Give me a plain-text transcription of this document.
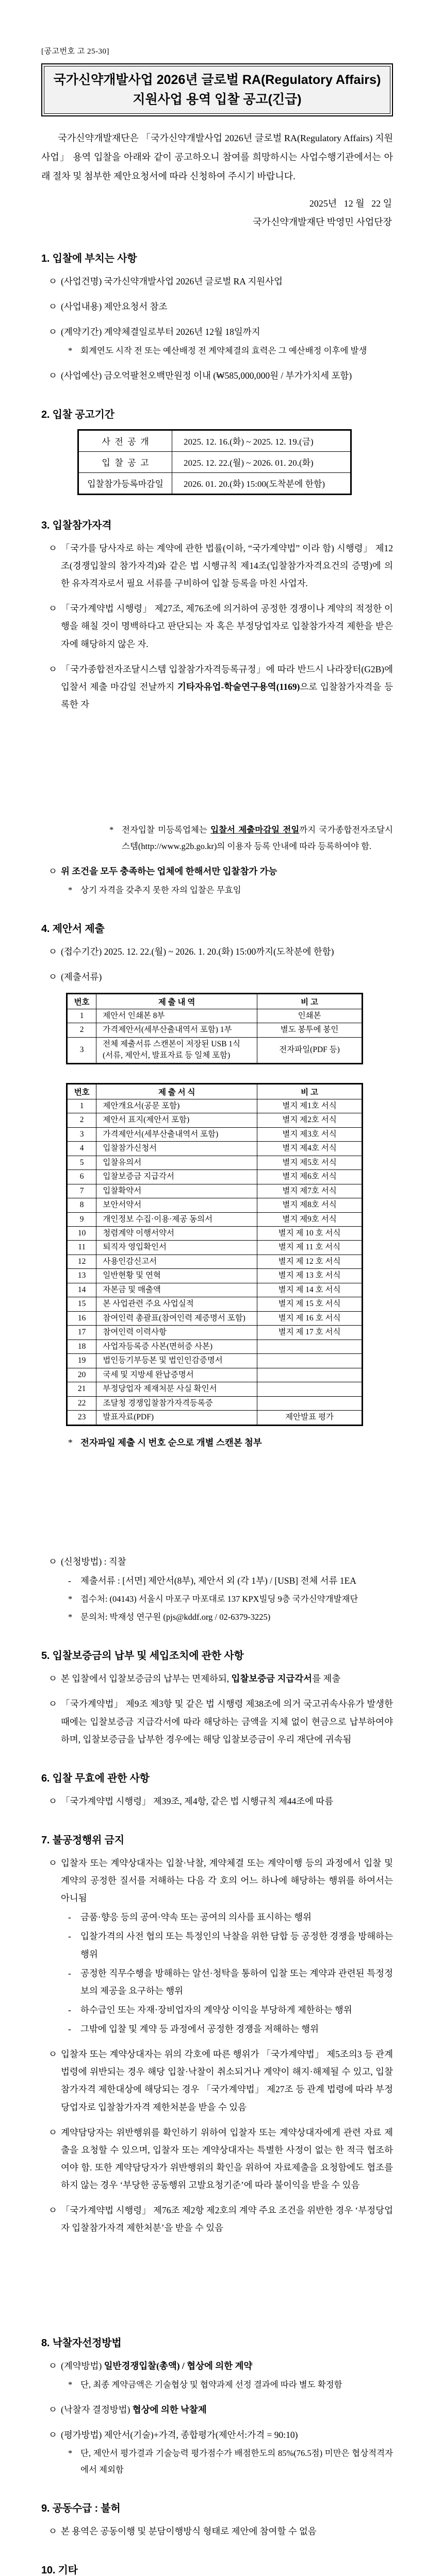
[공고번호 고 25-30]
국가신약개발사업 2026년 글로벌 RA(Regulatory Affairs)
지원사업 용역 입찰 공고(긴급)

국가신약개발재단은 「국가신약개발사업 2026년 글로벌 RA(Regulatory Affairs) 지원사업」 용역 입찰을 아래와 같이 공고하오니 참여를 희망하시는 사업수행기관에서는 아래 절차 및 첨부한 제안요청서에 따라 신청하여 주시기 바랍니다.

2025년   12 월   22 일
국가신약개발재단 박영민 사업단장
1. 입찰에 부치는 사항
ㅇ (사업건명) 국가신약개발사업 2026년 글로벌 RA 지원사업
ㅇ (사업내용) 제안요청서 참조
ㅇ (계약기간) 계약체결일로부터 2026년 12월 18일까지
* 회계연도 시작 전 또는 예산배정 전 계약체결의 효력은 그 예산배정 이후에 발생
ㅇ (사업예산) 금오억팔천오백만원정 이내 (₩585,000,000원 / 부가가치세 포함)
2. 입찰 공고기간
사  전  공  개	2025. 12. 16.(화) ~ 2025. 12. 19.(금)
입  찰  공  고	2025. 12. 22.(월) ~ 2026. 01. 20.(화)
입찰참가등록마감일	2026. 01. 20.(화) 15:00(도착분에 한함)
3. 입찰참가자격
ㅇ 「국가를 당사자로 하는 계약에 관한 법률(이하, “국가계약법” 이라 함) 시행령」 제12조(경쟁입찰의 참가자격)와 같은 법 시행규칙 제14조(입찰참가자격요건의 증명)에 의한 유자격자로서 필요 서류를 구비하여 입찰 등록을 마친 사업자.
ㅇ 「국가계약법 시행령」 제27조, 제76조에 의거하여 공정한 경쟁이나 계약의 적정한 이행을 해칠 것이 명백하다고 판단되는 자 혹은 부정당업자로 입찰참가자격 제한을 받은 자에 해당하지 않은 자.
ㅇ 「국가종합전자조달시스템 입찰참가자격등록규정」에 따라 반드시 나라장터(G2B)에 입찰서 제출 마감일 전날까지 기타자유업-학술연구용역(1169)으로 입찰참가자격을 등록한 자
* 전자입찰 미등록업체는 입찰서 제출마감일 전일까지 국가종합전자조달시스템(http://www.g2b.go.kr)의 이용자 등록 안내에 따라 등록하여야 함.
ㅇ 위 조건을 모두 충족하는 업체에 한해서만 입찰참가 가능
* 상기 자격을 갖추지 못한 자의 입찰은 무효임
4. 제안서 제출
ㅇ (접수기간) 2025. 12. 22.(월) ~ 2026. 1. 20.(화) 15:00까지(도착분에 한함)
ㅇ (제출서류)
번호	제 출 내 역	비 고
1	제안서 인쇄본 8부	인쇄본
2	가격제안서(세부산출내역서 포함) 1부	별도 봉투에 봉인
3	전체 제출서류 스캔본이 저장된 USB 1식
(서류, 제안서, 발표자료 등 일체 포함)	전자파일(PDF 등)
번호	제 출 서 식	비 고
1	제안개요서(공문 포함)	별지 제1호 서식
2	제안서 표지(제안서 포함)	별지 제2호 서식
3	가격제안서(세부산출내역서 포함)	별지 제3호 서식
4	입찰참가신청서	별지 제4호 서식
5	입찰유의서	별지 제5호 서식
6	입찰보증금 지급각서	별지 제6호 서식
7	입찰확약서	별지 제7호 서식
8	보안서약서	별지 제8호 서식
9	개인정보 수집·이용·제공 동의서	별지 제9호 서식
10	청렴계약 이행서약서	별지 제 10 호 서식
11	퇴직자 영입확인서	별지 제 11 호 서식
12	사용인감신고서	별지 제 12 호 서식
13	일반현황 및 연혁	별지 제 13 호 서식
14	자본금 및 매출액	별지 제 14 호 서식
15	본 사업관련 주요 사업실적	별지 제 15 호 서식
16	참여인력 총괄표(참여인력 제증명서 포함)	별지 제 16 호 서식
17	참여인력 이력사항	별지 제 17 호 서식
18	사업자등록증 사본(면허증 사본)	
19	법인등기부등본 및 법인인감증명서	
20	국세 및 지방세 완납증명서	
21	부정당업자 제재처분 사실 확인서	
22	조달청 경쟁입찰참가자격등록증	
23	발표자료(PDF)	제안발표 평가
* 전자파일 제출 시 번호 순으로 개별 스캔본 첨부
ㅇ (신청방법) : 직찰
-	제출서류 : [서면] 제안서(8부), 제안서 외 (각 1부) / [USB] 전체 서류 1EA
* 접수처: (04143) 서울시 마포구 마포대로 137 KPX빌딩 9층 국가신약개발재단
* 문의처: 박재성 연구원 (pjs@kddf.org / 02-6379-3225)
5. 입찰보증금의 납부 및 세입조치에 관한 사항
ㅇ 본 입찰에서 입찰보증금의 납부는 면제하되, 입찰보증금 지급각서를 제출
ㅇ 「국가계약법」 제9조 제3항 및 같은 법 시행령 제38조에 의거 국고귀속사유가 발생한 때에는 입찰보증금 지급각서에 따라 해당하는 금액을 지체 없이 현금으로 납부하여야 하며, 입찰보증금을 납부한 경우에는 해당 입찰보증금이 우리 재단에 귀속됨
6. 입찰 무효에 관한 사항
ㅇ 「국가계약법 시행령」 제39조, 제4항, 같은 법 시행규칙 제44조에 따름
7. 불공정행위 금지
ㅇ 입찰자 또는 계약상대자는 입찰·낙찰, 계약체결 또는 계약이행 등의 과정에서 입찰 및 계약의 공정한 질서를 저해하는 다음 각 호의 어느 하나에 해당하는 행위를 하여서는 아니됨
-	금품·향응 등의 공여·약속 또는 공여의 의사를 표시하는 행위
-	입찰가격의 사전 협의 또는 특정인의 낙찰을 위한 담합 등 공정한 경쟁을 방해하는 행위
-	공정한 직무수행을 방해하는 알선·청탁을 통하여 입찰 또는 계약과 관련된 특정정보의 제공을 요구하는 행위
-	하수급인 또는 자재·장비업자의 계약상 이익을 부당하게 제한하는 행위
-	그밖에 입찰 및 계약 등 과정에서 공정한 경쟁을 저해하는 행위
ㅇ 입찰자 또는 계약상대자는 위의 각호에 따른 행위가 「국가계약법」 제5조의3 등 관계 법령에 위반되는 경우 해당 입찰·낙찰이 취소되거나 계약이 해지·해제될 수 있고, 입찰참가자격 제한대상에 해당되는 경우 「국가계약법」 제27조 등 관계 법령에 따라 부정당업자로 입찰참가자격 제한처분을 받을 수 있음
ㅇ 계약담당자는 위반행위를 확인하기 위하여 입찰자 또는 계약상대자에게 관련 자료 제출을 요청할 수 있으며, 입찰자 또는 계약상대자는 특별한 사정이 없는 한 적극 협조하여야 함. 또한 계약담당자가 위반행위의 확인을 위하여 자료제출을 요청함에도 협조를 하지 않는 경우 ‘부당한 공동행위 고발요청기준’에 따라 불이익을 받을 수 있음
ㅇ 「국가계약법 시행령」 제76조 제2항 제2호의 계약 주요 조건을 위반한 경우 ‘부정당업자 입찰참가자격 제한처분’을 받을 수 있음
8. 낙찰자선정방법
ㅇ (계약방법) 일반경쟁입찰(총액) / 협상에 의한 계약
* 단, 최종 계약금액은 기술협상 및 협약과제 선정 결과에 따라 별도 확정함
ㅇ (낙찰자 결정방법) 협상에 의한 낙찰제
ㅇ (평가방법) 제안서(기술)+가격, 종합평가(제안서:가격 = 90:10)
* 단, 제안서 평가결과 기술능력 평가점수가 배점한도의 85%(76.5점) 미만은 협상적격자에서 제외함
9. 공동수급 : 불허
ㅇ 본 용역은 공동이행 및 분담이행방식 형태로 제안에 참여할 수 없음
10. 기타
